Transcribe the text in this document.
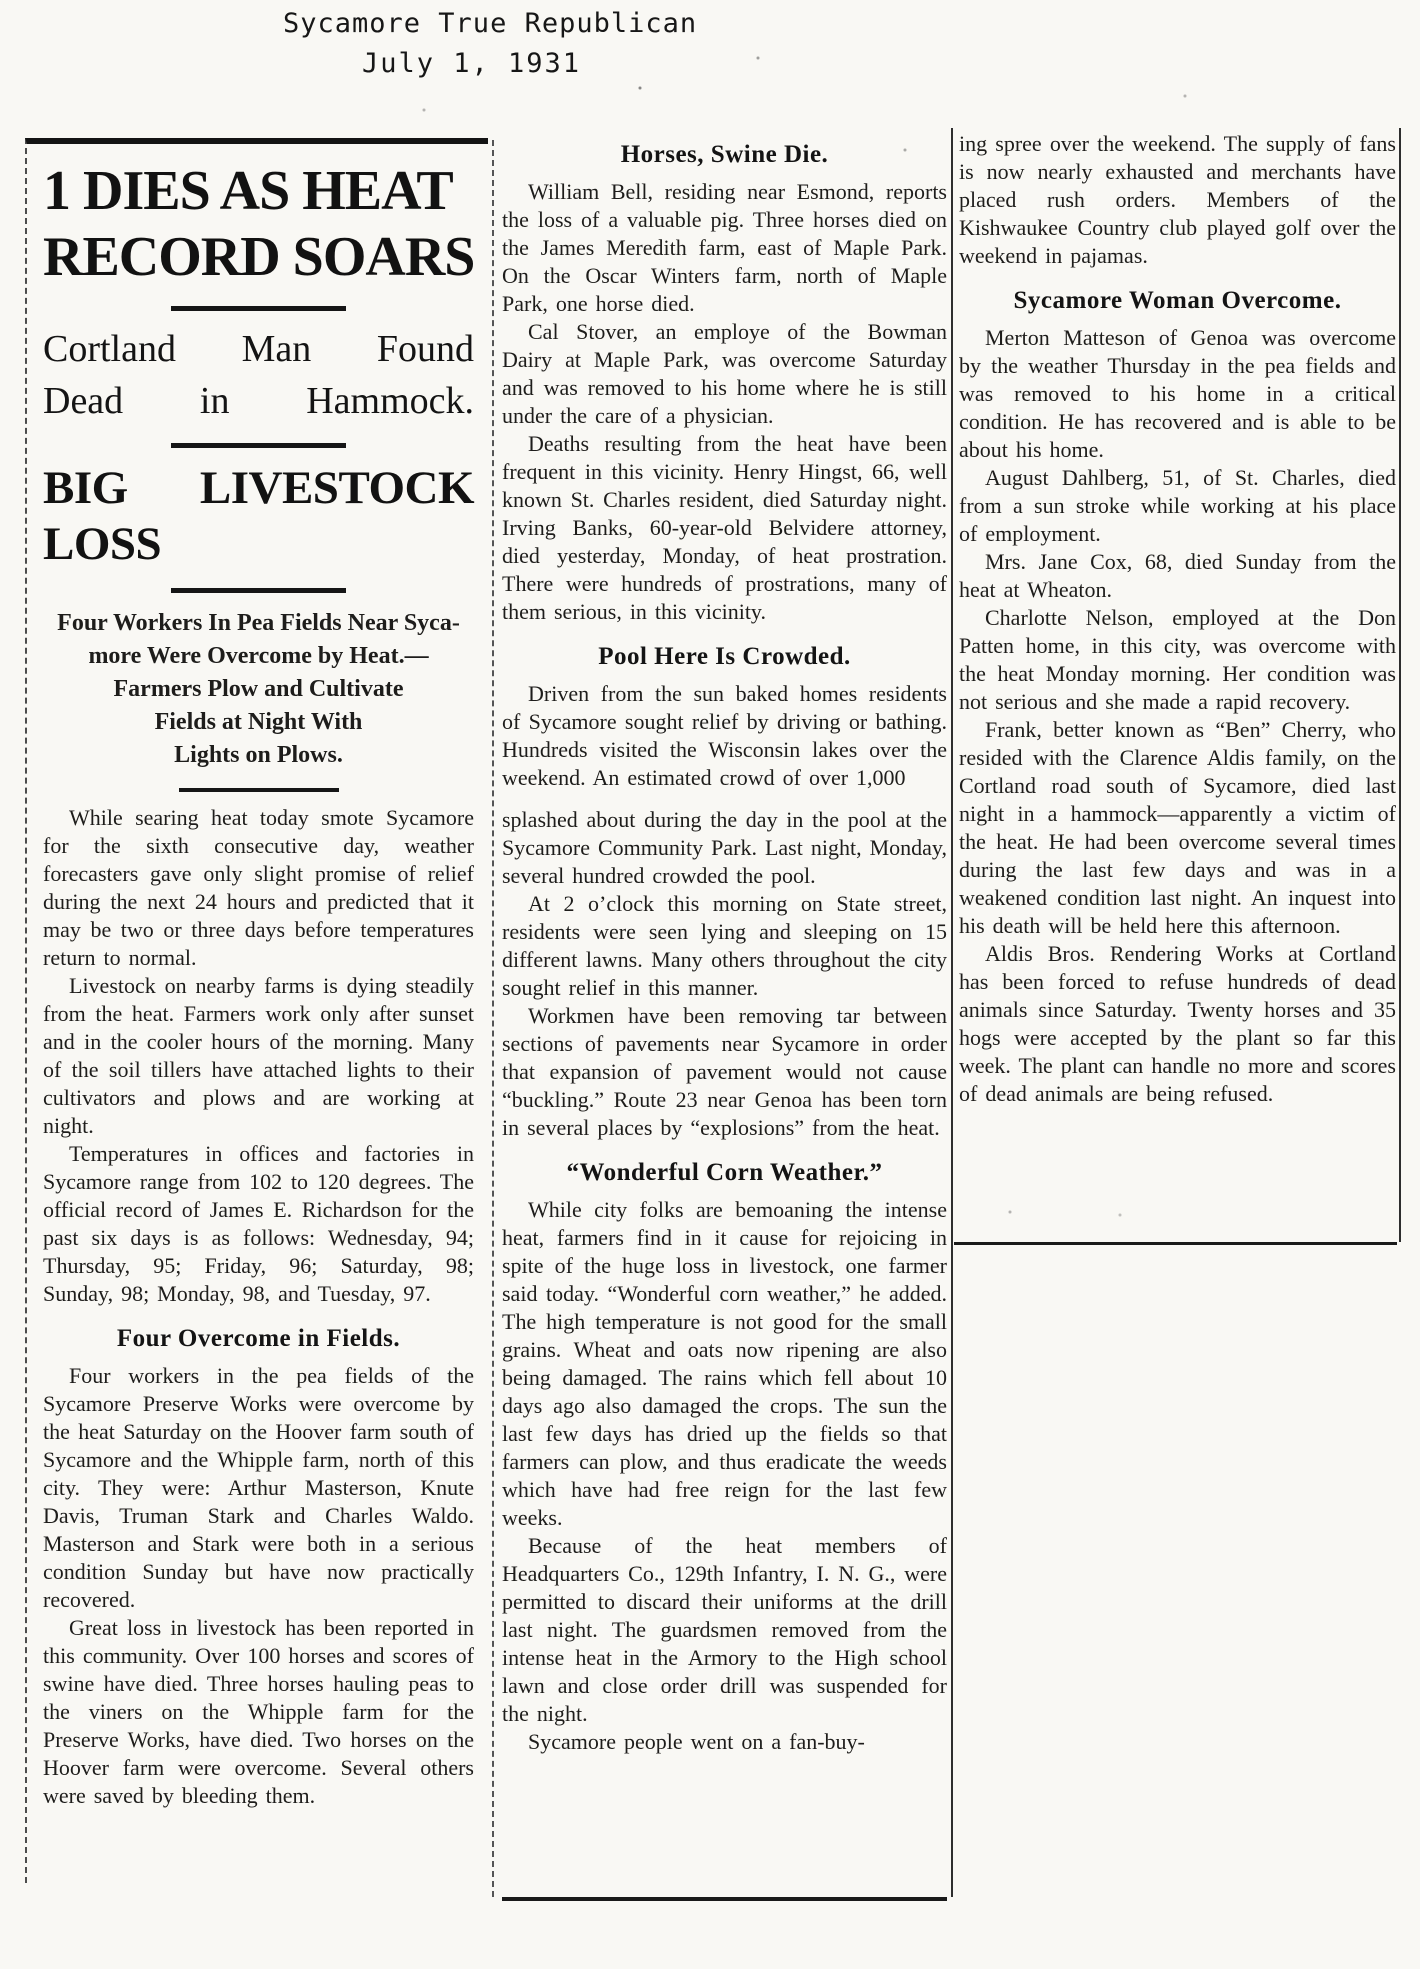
Sycamore True Republican
July 1, 1931
1 DIES AS HEAT
RECORD SOARS
Cortland Man Found
Dead in Hammock.
BIG LIVESTOCK LOSS
Four Workers In Pea Fields Near Syca-
more Were Overcome by Heat.—
Farmers Plow and Cultivate
Fields at Night With
Lights on Plows.

While searing heat today smote Sycamore for the sixth consecutive day, weather forecasters gave only slight promise of relief during the next 24 hours and predicted that it may be two or three days before temperatures return to normal.

Livestock on nearby farms is dying steadily from the heat. Farmers work only after sunset and in the cooler hours of the morning. Many of the soil tillers have attached lights to their cultivators and plows and are working at night.

Temperatures in offices and factories in Sycamore range from 102 to 120 degrees. The official record of James E. Richardson for the past six days is as follows: Wednesday, 94; Thursday, 95; Friday, 96; Saturday, 98; Sunday, 98; Monday, 98, and Tuesday, 97.

Four Overcome in Fields.

Four workers in the pea fields of the Sycamore Preserve Works were overcome by the heat Saturday on the Hoover farm south of Sycamore and the Whipple farm, north of this city. They were: Arthur Masterson, Knute Davis, Truman Stark and Charles Waldo. Masterson and Stark were both in a serious condition Sunday but have now practically recovered.

Great loss in livestock has been reported in this community. Over 100 horses and scores of swine have died. Three horses hauling peas to the viners on the Whipple farm for the Preserve Works, have died. Two horses on the Hoover farm were overcome. Several others were saved by bleeding them.

Horses, Swine Die.

William Bell, residing near Esmond, reports the loss of a valuable pig. Three horses died on the James Meredith farm, east of Maple Park. On the Oscar Winters farm, north of Maple Park, one horse died.

Cal Stover, an employe of the Bowman Dairy at Maple Park, was overcome Saturday and was removed to his home where he is still under the care of a physician.

Deaths resulting from the heat have been frequent in this vicinity. Henry Hingst, 66, well known St. Charles resident, died Saturday night. Irving Banks, 60-year-old Belvidere attorney, died yesterday, Monday, of heat prostration. There were hundreds of prostrations, many of them serious, in this vicinity.

Pool Here Is Crowded.

Driven from the sun baked homes residents of Sycamore sought relief by driving or bathing. Hundreds visited the Wisconsin lakes over the weekend. An estimated crowd of over 1,000

splashed about during the day in the pool at the Sycamore Community Park. Last night, Monday, several hundred crowded the pool.

At 2 o’clock this morning on State street, residents were seen lying and sleeping on 15 different lawns. Many others throughout the city sought relief in this manner.

Workmen have been removing tar between sections of pavements near Sycamore in order that expansion of pavement would not cause “buckling.” Route 23 near Genoa has been torn in several places by “explosions” from the heat.

“Wonderful Corn Weather.”

While city folks are bemoaning the intense heat, farmers find in it cause for rejoicing in spite of the huge loss in livestock, one farmer said today. “Wonderful corn weather,” he added. The high temperature is not good for the small grains. Wheat and oats now ripening are also being damaged. The rains which fell about 10 days ago also damaged the crops. The sun the last few days has dried up the fields so that farmers can plow, and thus eradicate the weeds which have had free reign for the last few weeks.

Because of the heat members of Headquarters Co., 129th Infantry, I. N. G., were permitted to discard their uniforms at the drill last night. The guardsmen removed from the intense heat in the Armory to the High school lawn and close order drill was suspended for the night.

Sycamore people went on a fan-buy-

ing spree over the weekend. The supply of fans is now nearly exhausted and merchants have placed rush orders. Members of the Kishwaukee Country club played golf over the weekend in pajamas.

Sycamore Woman Overcome.

Merton Matteson of Genoa was overcome by the weather Thursday in the pea fields and was removed to his home in a critical condition. He has recovered and is able to be about his home.

August Dahlberg, 51, of St. Charles, died from a sun stroke while working at his place of employment.

Mrs. Jane Cox, 68, died Sunday from the heat at Wheaton.

Charlotte Nelson, employed at the Don Patten home, in this city, was overcome with the heat Monday morning. Her condition was not serious and she made a rapid recovery.

Frank, better known as “Ben” Cherry, who resided with the Clarence Aldis family, on the Cortland road south of Sycamore, died last night in a hammock—apparently a victim of the heat. He had been overcome several times during the last few days and was in a weakened condition last night. An inquest into his death will be held here this afternoon.

Aldis Bros. Rendering Works at Cortland has been forced to refuse hundreds of dead animals since Saturday. Twenty horses and 35 hogs were accepted by the plant so far this week. The plant can handle no more and scores of dead animals are being refused.
